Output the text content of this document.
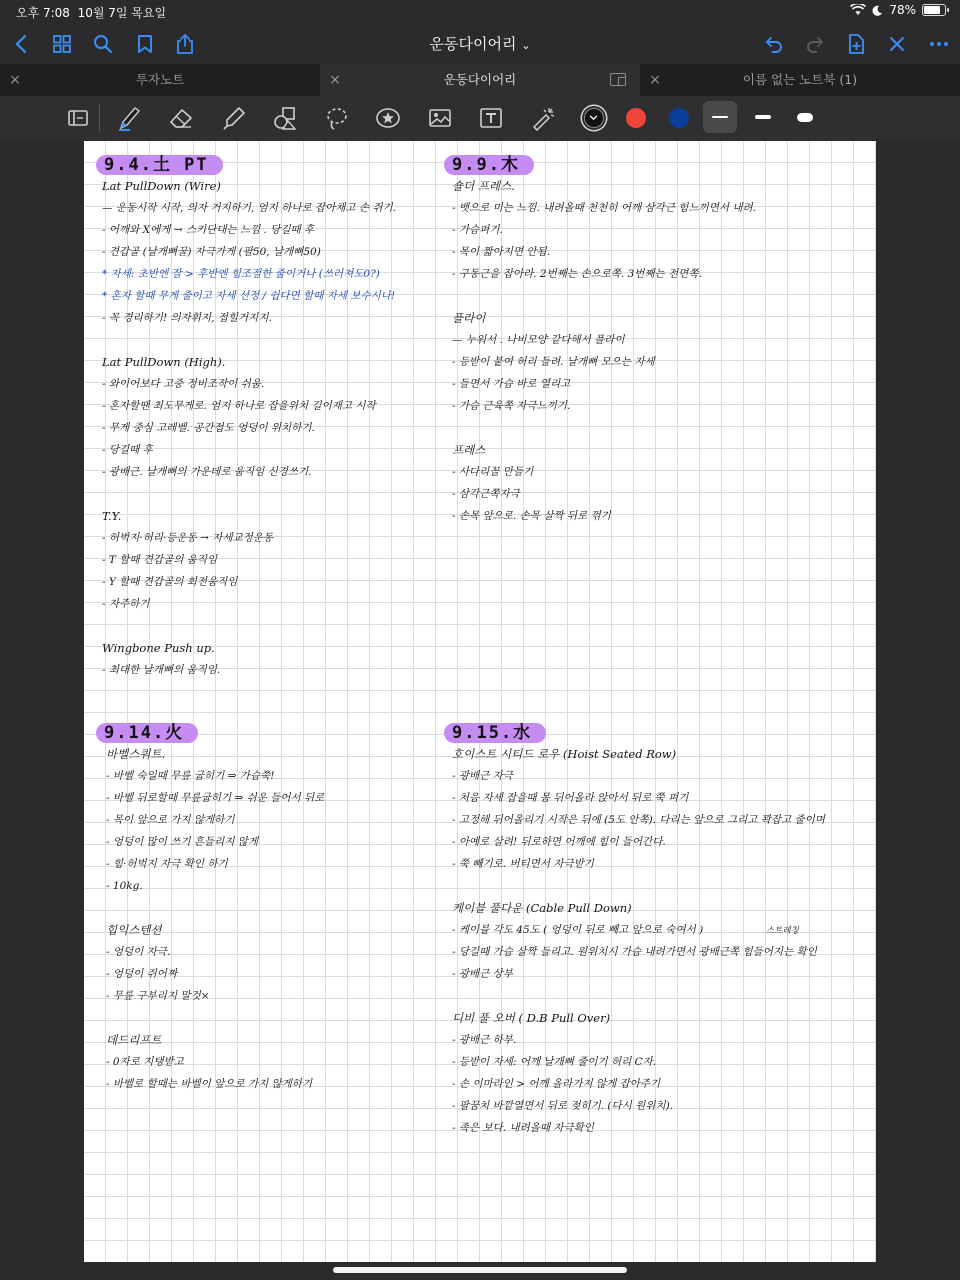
오후 7:08 10월 7일 목요일	78%
운동다이어리 ⌄
×	투자노트	×	운동다이어리	×	이름 없는 노트북 (1)
9.4.土 PT
Lat PullDown (Wire)
— 운동시작 시작, 의자 거지하기, 엄지 하나로 잡아채고 손 쥐기.
- 어깨와 X에게 → 스키단대는 느낌 . 당길때 후
- 견갑골 (날개뼈꿀) 자극가게 (팔50, 날개뼈50)
* 자세: 초반엔 잘 > 후반엔 힘조절한 줄이거나 (쓰러져도0?)
* 혼자 할때 무게 줄이고 자세 선정 / 쉽다면 할때 자세 보수시나!
- 꼭 경리하기! 의자휘지, 접힐거지지.
Lat PullDown (High).
- 와이어보다 고중 정비조작이 쉬움.
- 혼자할땐 최도무게로. 엄지 하나로 잡을위치 길이재고 시작
- 무게 중심 고레벨. 공간접도 엉덩이 위치하기.
- 당길때 후
- 광배근. 날개뼈의 가운데로 움직임 신경쓰기.
T.Y.
- 허벅지·허리·등운동 → 자세교정운동
- T 할때 견갑골의 움직임
- Y 할때 견갑골의 회전움직임
- 자주하기
Wingbone Push up.
- 최대한 날개뼈의 움직임.
9.9.木
숄더 프레스.
- 뱃으로 미는 느낌. 내려올때 천천히 어깨 삼각근 힘느끼면서 내려.
- 가슴펴기.
- 목이 짧아지면 안됨.
- 구동근을 잡아라. 2번째는 손으로쪽. 3번째는 전면쪽.
플라이
— 누워서 . 나비모양 같다해서 플라이
- 등받이 붙여 허리 들려. 날개뼈 모으는 자세
- 들면서 가슴 바로 열리고
- 가슴 근육쪽 자극느끼기.
프레스
- 사다리꼴 만들기
- 삼각근쪽자극
- 손목 앞으로. 손목 살짝 뒤로 꺾기
9.14.火
바벨스쿼트.
- 바벨 숙일때 무릎 굽히기 ⇒ 가슴쭉!
- 바벨 뒤로할때 무릎굽히기 ⇒ 쉬운 들어서 뒤로
- 목이 앞으로 가지 않게하기
- 엉덩이 많이 쓰기 흔들리지 않게
- 힘·허벅지 자극 확인 하기
- 10kg.
힙익스텐션
- 엉덩이 자극.
- 엉덩이 쥐어짜
- 무릎 구부리지 말것×
데드리프트
- 0자로 지탱받고
- 바벨로 할때는 바벨이 앞으로 가지 않게하기
9.15.水
호이스트 시티드 로우 (Hoist Seated Row)
- 광배근 자극
- 처음 자세 잡을때 몸 뒤어올라 앉아서 뒤로 쭉 펴기
- 고정해 뒤어올리기 시작은 뒤에 (5도 안쪽). 다리는 앞으로 그리고 꽉잡고 줄이며
- 아예로 살려! 뒤로하면 어깨에 힘이 들어간다.
- 쭉 빼기로. 버티면서 자극받기
케이블 풀다운 (Cable Pull Down)
- 케이블 각도 45도 ( 엉덩이 뒤로 빼고 앞으로 숙여서 )
- 당길때 가슴 살짝 들리고. 원위치시 가슴 내려가면서 광배근쪽 힘들어지는 확인
- 광배근 상부
디비 풀 오버 ( D.B Pull Over)
- 광배근 하부.
- 등받이 자세: 어깨 날개뼈 줄이기 허리 C자.
- 손 이마라인 > 어깨 올라가지 않게 잡아주기
- 팔꿈치 바깥열면서 뒤로 젖히기. (다시 원위치).
- 족은 보다. 내려올때 자극확인
스트레칭
